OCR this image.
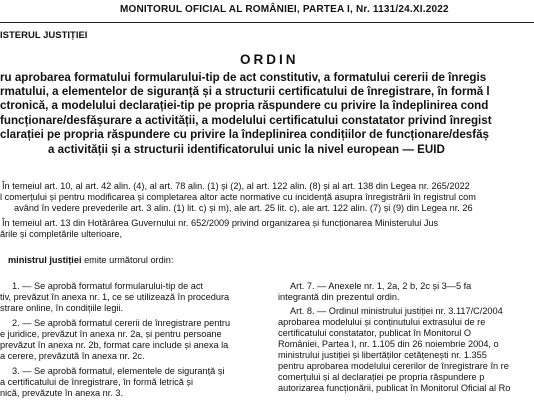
MONITORUL OFICIAL AL ROMÂNIEI, PARTEA I, Nr. 1131/24.XI.2022
ISTERUL JUSTIȚIEI
ORDIN
ru aprobarea formatului formularului-tip de act constitutiv, a formatului cererii de înregis
rmatului, a elementelor de siguranță și a structurii certificatului de înregistrare, în formă l
ctronică, a modelului declarației-tip pe propria răspundere cu privire la îndeplinirea cond
funcționare/desfășurare a activității, a modelului certificatului constatator privind înregist
clarației pe propria răspundere cu privire la îndeplinirea condițiilor de funcționare/desfăș
a activității și a structurii identificatorului unic la nivel european — EUID
În temeiul art. 10, al art. 42 alin. (4), al art. 78 alin. (1) și (2), al art. 122 alin. (8) și al art. 138 din Legea nr. 265/2022
l comerțului și pentru modificarea și completarea altor acte normative cu incidență asupra înregistrării în registrul com
având în vedere prevederile art. 3 alin. (1) lit. c) și m), ale art. 25 lit. c), ale art. 122 alin. (7) și (9) din Legea nr. 26
În temeiul art. 13 din Hotărârea Guvernului nr. 652/2009 privind organizarea și funcționarea Ministerului Jus
ările și completările ulterioare,
ministrul justiției emite următorul ordin:
1. — Se aprobă formatul formularului-tip de act
tiv, prevăzut în anexa nr. 1, ce se utilizează în procedura
strare online, în condițiile legii.
2. — Se aprobă formatul cererii de înregistrare pentru
e juridice, prevăzut în anexa nr. 2a, și pentru persoane
prevăzut în anexa nr. 2b, format care include și anexa la
a cerere, prevăzută în anexa nr. 2c.
3. — Se aprobă formatul, elementele de siguranță și
a certificatului de înregistrare, în formă letrică și
nică, prevăzute în anexa nr. 3.
Art. 7. — Anexele nr. 1, 2a, 2 b, 2c și 3—5 fa
integrantă din prezentul ordin.
Art. 8. — Ordinul ministrului justiției nr. 3.117/C/2004
aprobarea modelului și conținutului extrasului de re
certificatului constatator, publicat în Monitorul O
României, Partea I, nr. 1.105 din 26 noiembrie 2004, o
ministrului justiției și libertăților cetățenești nr. 1.355
pentru aprobarea modelului cererilor de înregistrare în re
comerțului și al declarației pe propria răspundere p
autorizarea funcționării, publicat în Monitorul Oficial al Ro
